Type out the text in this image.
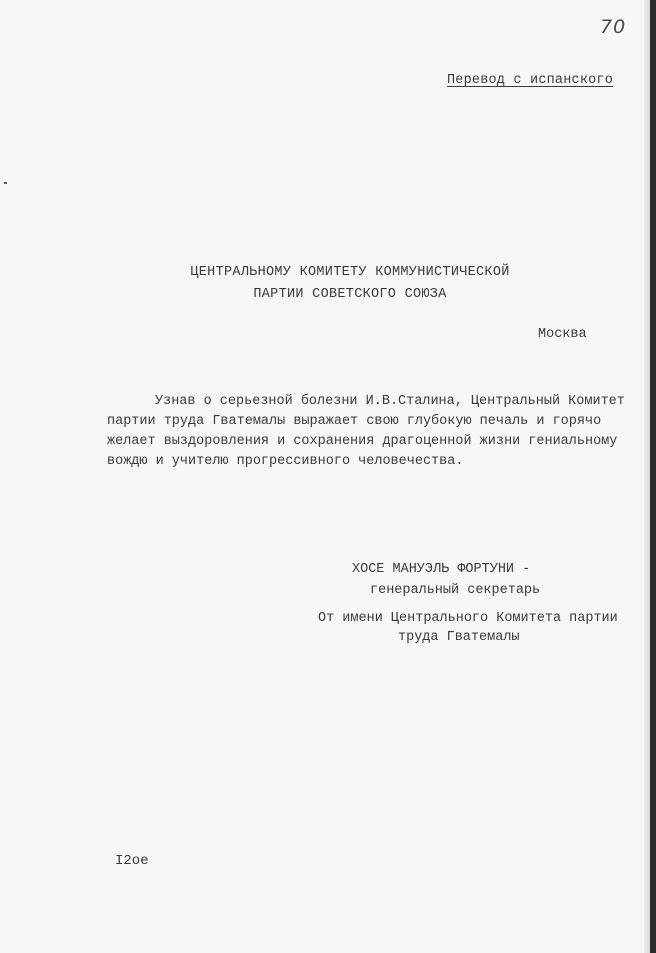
70
Перевод с испанского
ЦЕНТРАЛЬНОМУ КОМИТЕТУ КОММУНИСТИЧЕСКОЙ
ПАРТИИ СОВЕТСКОГО СОЮЗА
Москва
Узнав о серьезной болезни И.В.Сталина, Центральный Комитет
партии труда Гватемалы выражает свою глубокую печаль и горячо
желает выздоровления и сохранения драгоценной жизни гениальному
вождю и учителю прогрессивного человечества.
ХОСЕ МАНУЭЛЬ ФОРТУНИ -
генеральный секретарь
От имени Центрального Комитета партии
труда Гватемалы
I2ое
